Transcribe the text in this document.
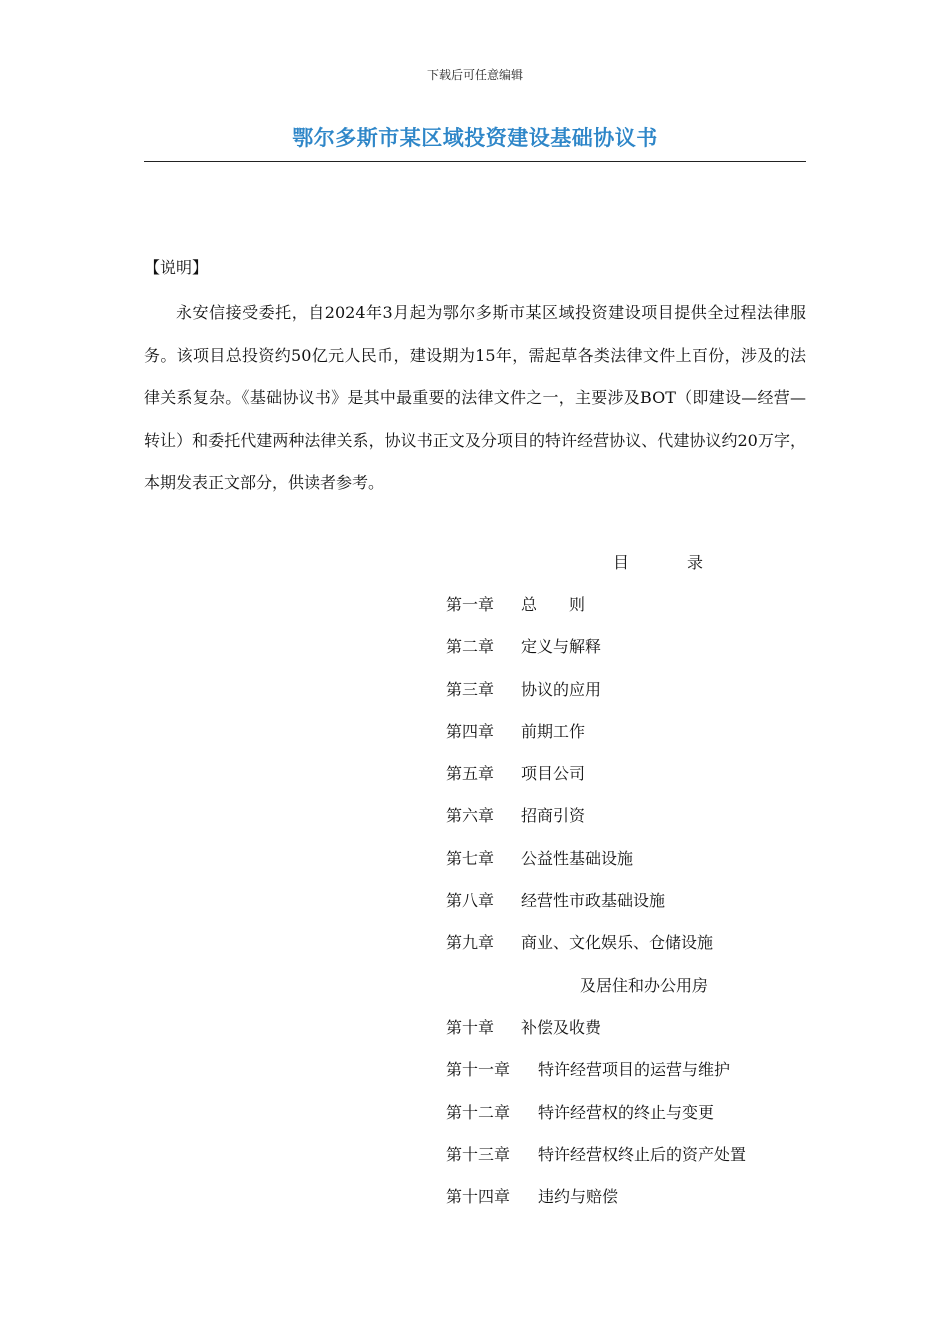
下载后可任意编辑
鄂尔多斯市某区域投资建设基础协议书
【说明】

永安信接受委托，自2024年3月起为鄂尔多斯市某区域投资建设项目提供全过程法律服务。该项目总投资约50亿元人民币，建设期为15年，需起草各类法律文件上百份，涉及的法律关系复杂。《基础协议书》是其中最重要的法律文件之一，主要涉及BOT（即建设—经营—转让）和委托代建两种法律关系，协议书正文及分项目的特许经营协议、代建协议约20万字，本期发表正文部分，供读者参考。

目	录
第一章 总　　则
第二章 定义与解释
第三章 协议的应用
第四章 前期工作
第五章 项目公司
第六章 招商引资
第七章 公益性基础设施
第八章 经营性市政基础设施
第九章 商业、文化娱乐、仓储设施
及居住和办公用房
第十章 补偿及收费
第十一章 特许经营项目的运营与维护
第十二章 特许经营权的终止与变更
第十三章 特许经营权终止后的资产处置
第十四章 违约与赔偿
